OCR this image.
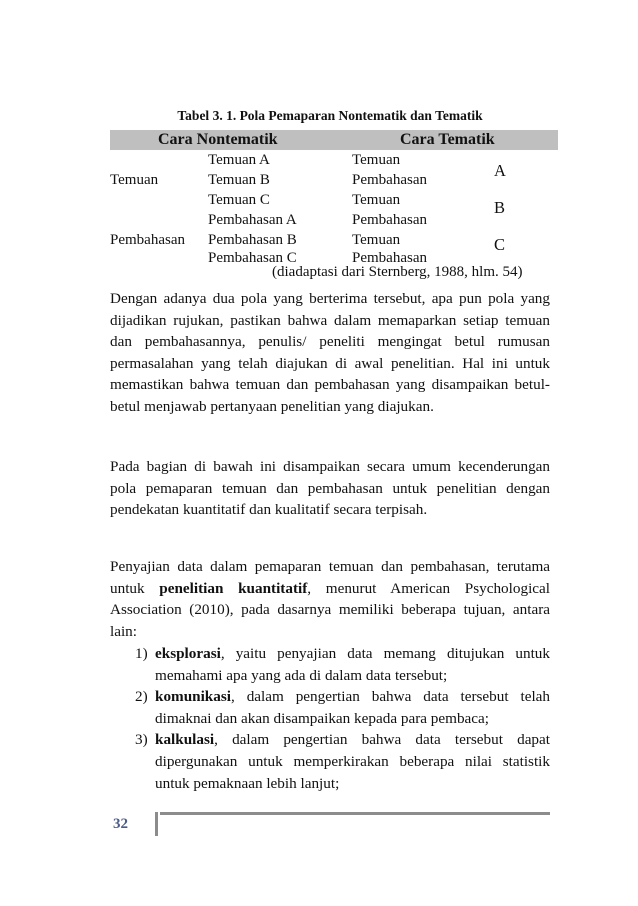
Tabel 3. 1. Pola Pemaparan Nontematik dan Tematik
Cara Nontematik	Cara Tematik
Temuan
Pembahasan
Temuan A
Temuan B
Temuan C
Pembahasan A
Pembahasan B
Pembahasan C
Temuan
Pembahasan
Temuan
Pembahasan
Temuan
Pembahasan
A
B
C
(diadaptasi dari Sternberg, 1988, hlm. 54)

Dengan adanya dua pola yang berterima tersebut, apa pun pola yang dijadikan rujukan, pastikan bahwa dalam memaparkan setiap temuan dan pembahasannya, penulis/ peneliti mengingat betul rumusan permasalahan yang telah diajukan di awal penelitian. Hal ini untuk memastikan bahwa temuan dan pembahasan yang disampaikan betul-betul menjawab pertanyaan penelitian yang diajukan.

Pada bagian di bawah ini disampaikan secara umum kecenderungan pola pemaparan temuan dan pembahasan untuk penelitian dengan pendekatan kuantitatif dan kualitatif secara terpisah.

Penyajian data dalam pemaparan temuan dan pembahasan, terutama untuk penelitian kuantitatif, menurut American Psychological Association (2010), pada dasarnya memiliki beberapa tujuan, antara lain:

1) eksplorasi, yaitu penyajian data memang ditujukan untuk memahami apa yang ada di dalam data tersebut;
2) komunikasi, dalam pengertian bahwa data tersebut telah dimaknai dan akan disampaikan kepada para pembaca;
3) kalkulasi, dalam pengertian bahwa data tersebut dapat dipergunakan untuk memperkirakan beberapa nilai statistik untuk pemaknaan lebih lanjut;
32
